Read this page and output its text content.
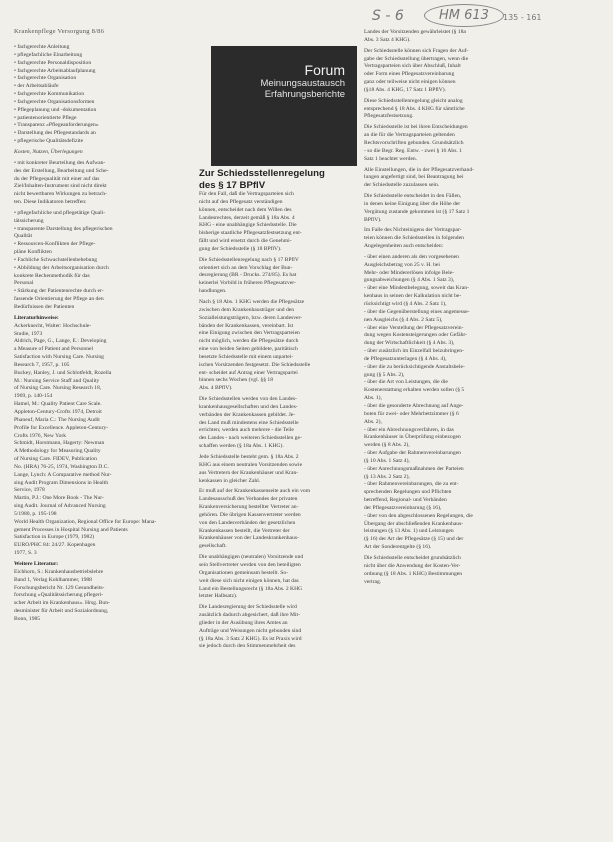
Krankenpflege Versorgung 8/86
S - 6	HM 613	135 - 161
• fachgerechte Anleitung
• pflegefachliche Einarbeitung
• fachgerechte Personaldisposition
• fachgerechte Arbeitsablaufplanung
• fachgerechte Organisation
• der Arbeitsabläufe
• fachgerechte Kommunikation
• fachgerechte Organisationsformen
• Pflegeplanung und -dokumentation
• patientenorientierte Pflege
• Transparenz »Pflegeanforderungen«
• Darstellung des Pflegestandards an
• pflegerische Qualitätsdefizite
Kosten, Nutzen, Überlegungen
• mit konkreter Beurteilung des Aufwan-
des der Erstellung, Bearbeitung und Sche-
du der Pflegequalität mit einer auf das
Ziel/Inhalten-Instrument sind nicht direkt
nicht bewertbaren Wirkungen zu betrach-
ten. Diese Indikatoren betreffen:
• pflegefachliche und pflegetätige Quali-
tätssicherung
• transparente Darstellung des pflegerischen
Qualität
• Ressourcen-Konflikten der Pflege-
pläne Konflikten
• Fachliche Schwachstellenbehebung
• Abbildung der Arbeitsorganisation durch
konkrete Rechenmethodik für das
Personal
• Stärkung der Patientenrechte durch er-
fassende Orientierung der Pflege an den
Bedürfnissen der Patienten
Literaturhinweise:
Ackerknecht, Walter: Hochschule-
Studie, 1973
Aldrich, Page, G., Lange, E.: Developing
a Measure of Patient and Personnel
Satisfaction with Nursing Care. Nursing
Research 7, 1957, p. 105
Buckey, Hanley, J. und Schlotfeldt, Rozella
M.: Nursing Service Staff and Quality
of Nursing Care. Nursing Research 18,
1969, p. 140-154
Hamel, M.: Quality Patient Care Scale.
Appleton-Century-Crofts 1974, Detroit
Phaneuf, Maria C.: The Nursing Audit
Profile for Excellence. Appleton-Century-
Crofts 1976, New York
Schmidt, Horstmann, Hagerty: Newman
A Methodology for Measuring Quality
of Nursing Care. FIDEV, Publication
No. (HRA) 76-25, 1974, Washington D.C.
Lange, Lynch: A Comparative method Nur-
sing Audit Program Dimensions in Health
Service, 1978
Martin, P.J.: One More Book - The Nur-
sing Audit. Journal of Advanced Nursing
5/1980, p. 195-198
World Health Organization, Regional Office for Europe: Mana-
gement Processes in Hospital Nursing and Patients
Satisfaction in Europe (1979, 1982)
EURO/PHC 84: 24/27. Kopenhagen
1977, S. 3
Weitere Literatur:
Eichhorn, S.: Krankenhausbetriebslehre
Band 1, Verlag Kohlhammer, 1988
Forschungsbericht Nr. 129 Gesundheits-
forschung »Qualitätssicherung pflegeri-
scher Arbeit im Krankenhaus«. Hrsg. Bun-
desminister für Arbeit und Sozialordnung,
Bonn, 1985
Forum
Meinungsaustausch
Erfahrungsberichte
Zur Schiedsstellenregelung
des § 17 BPflV
Für den Fall, daß die Vertragsparteien sich
nicht auf den Pflegesatz verständigen
können, entscheidet nach dem Willen des
Landesrechtes, derzeit gemäß § 18a Abs. 4
KHG - eine unabhängige Schiedsstelle. Die
bisherige staatliche Pflegesatzfestsetzung ent-
fällt und wird ersetzt durch die Genehmi-
gung der Schiedsstelle (§ 18 BPflV).
Die Schiedsstellenregelung nach § 17 BPflV
orientiert sich an dem Vorschlag der Bun-
desregierung (BR - Drucks. 274/85). Es hat
keinerlei Vorbild in früheren Pflegesatzver-
handlungen.
Nach § 18 Abs. 1 KHG werden die Pflegesätze
zwischen dem Krankenhausträger und den
Sozialleistungsträgern, bzw. deren Landesver-
bänden der Krankenkassen, vereinbart. Ist
eine Einigung zwischen den Vertragsparteien
nicht möglich, werden die Pflegesätze durch
eine von beiden Seiten gebildete, paritätisch
besetzte Schiedsstelle mit einem unpartei-
ischen Vorsitzenden festgesetzt. Die Schiedsstelle
ent- scheidet auf Antrag einer Vertragspartei
binnen sechs Wochen (vgl. §§ 18
Abs. 4 BPflV).
Die Schiedsstellen werden von den Landes-
krankenhausgesellschaften und den Landes-
verbänden der Krankenkassen gebildet. Je-
des Land muß mindestens eine Schiedsstelle
errichten; werden auch mehrere - die Teile
des Landes - nach weiteren Schiedsstellen ge-
schaffen werden (§ 18a Abs. 1 KHG).
Jede Schiedsstelle besteht gem. § 18a Abs. 2
KHG aus einem neutralen Vorsitzenden sowie
aus Vertretern der Krankenhäuser und Kran-
kenkassen in gleicher Zahl.
Er muß auf der Krankenkassenseite auch ein vom
Landesausschuß des Verbandes der privaten
Krankenversicherung bestellter Vertreter an-
gehören. Die übrigen Kassenvertreter werden
von den Landesverbänden der gesetzlichen
Krankenkassen bestellt, die Vertreter der
Krankenhäuser von der Landeskrankenhaus-
gesellschaft.
Die unabhängigen (neutralen) Vorsitzende und
sein Stellvertreter werden von den beteiligten
Organisationen gemeinsam bestellt. So-
weit diese sich nicht einigen können, hat das
Land ein Bestellungsrecht (§ 18a Abs. 2 KHG
letzter Halbsatz).
Die Landesregierung der Schiedsstelle wird
zusätzlich dadurch abgesichert, daß ihre Mit-
glieder in der Ausübung ihres Amtes an
Aufträge und Weisungen nicht gebunden sind
(§ 18a Abs. 3 Satz 2 KHG). Es ist Praxis wird
sie jedoch durch den Stimmenmehrheit des
Landes der Vorsitzenden gewährleistet (§ 18a
Abs. 3 Satz 4 KHG).
Der Schiedsstelle können sich Fragen der Auf-
gabe der Schiedsstellung übertragen, wenn die
Vertragsparteien sich über Abschluß, Inhalt
oder Form eines Pflegesatzvereinbarung
ganz oder teilweise nicht einigen können
(§18 Abs. 4 KHG, 17 Satz 1 BPflV).
Diese Schiedsstellenregelung gleicht analog
entsprechend § 18 Abs. 4 KHG für sämtliche
Pflegesatzfestsetzung.
Die Schiedsstelle ist bei ihren Entscheidungen
an die für die Vertragsparteien geltenden
Rechtsvorschriften gebunden. Grundsätzlich
- so die Begr. Reg. Entw. - zwei § 16 Abs. 1
Satz 1 beachtet werden.
Alle Einstellungen, die in der Pflegesatzverhand-
lungen angefertigt sind, bei Beantragung bei
der Schiedsstelle zuzulassen sein.
Die Schiedsstelle entscheidet in den Fällen,
in denen keine Einigung über die Höhe der
Vergütung zustande gekommen ist (§ 17 Satz 1
BPflV).
Im Falle des Nichteinigens der Vertragspar-
teien können die Schiedsstellen in folgenden
Angelegenheiten auch entscheiden:
- über einen anderen als den vorgesehenen
Ausgleichsbetrag von 25 v. H. bei
Mehr- oder Mindererlösen infolge Bele-
gungsabweichungen (§ 4 Abs. 1 Satz 3),
- über eine Mindestbelegung, soweit das Kran-
kenhaus in seinen der Kalkulation nicht be-
rücksichtigt wird (§ 4 Abs. 2 Satz 1),
- über die Gegenüberstellung eines angemesse-
nen Ausgleichs (§ 4 Abs. 2 Satz 5),
- über eine Verstellung der Pflegesatzverein-
dung wegen Kostensteigerungen oder Gefähr-
dung der Wirtschaftlichkeit (§ 4 Abs. 3),
- über zusätzlich im Einzelfall beizubringen-
de Pflegesatzunterlagen (§ 4 Abs. 4),
- über die zu berücksichtigende Anstaltsbele-
gung (§ 5 Abs. 2),
- über die Art von Leistungen, die die
Kostenerstattung erhalten werden sollen (§ 5
Abs. 1),
- über die gesonderte Abrechnung auf Ange-
boten für zwei- oder Mehrbettzimmer (§ 6
Abs. 2),
- über ein Abrechnungsverfahren, in das
Krankenhäuser in Überprüfung einbezogen
werden (§ 8 Abs. 2),
- über Aufgabe der Rahmenvereinbarungen
(§ 10 Abs. 1 Satz 4),
- über Anrechnungsmaßnahmen der Parteien
(§ 13 Abs. 2 Satz 2),
- über Rahmenvereinbarungen, die zu ent-
sprechenden Regelungen und Pflichten
betreffend, Regional- und Verbänden
der Pflegesatzvereinbarung (§ 16),
- über von den abgeschlossenen Regelungen, die
Übergang der abschließenden Krankenhaus-
leistungen (§ 13 Abs. 1) und Leistungen
(§ 16) der Art der Pflegesätze (§ 15) und der
Art der Sonderentgelte (§ 16).
Die Schiedsstelle entscheidet grundsätzlich
nicht über die Anwendung der Kosten-Ver-
ordnung (§ 18 Abs. 1 KHG) Bestimmungen
vertrag.
